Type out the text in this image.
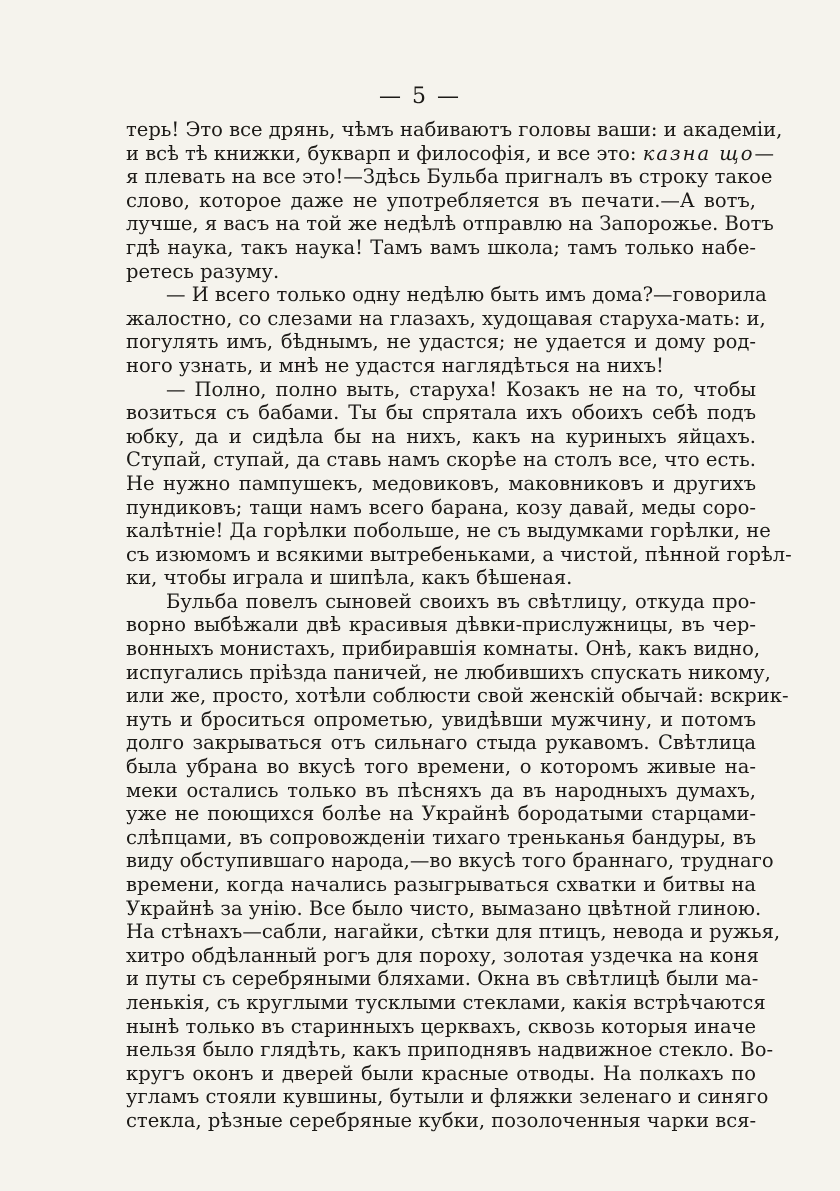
— 5 —
терь! Это все дрянь, чѣмъ набиваютъ головы ваши: и академіи,
и всѣ тѣ книжки, букварп и философія, и все это: казна що—
я плевать на все это!—Здѣсь Бульба пригналъ въ строку такое
слово, которое даже не употребляется въ печати.—А вотъ,
лучше, я васъ на той же недѣлѣ отправлю на Запорожье. Вотъ
гдѣ наука, такъ наука! Тамъ вамъ школа; тамъ только набе-
ретесь разуму.
— И всего только одну недѣлю быть имъ дома?—говорила
жалостно, со слезами на глазахъ, худощавая старуха-мать: и,
погулять имъ, бѣднымъ, не удастся; не удается и дому род-
ного узнать, и мнѣ не удастся наглядѣться на нихъ!
— Полно, полно выть, старуха! Козакъ не на то, чтобы
возиться съ бабами. Ты бы спрятала ихъ обоихъ себѣ подъ
юбку, да и сидѣла бы на нихъ, какъ на куриныхъ яйцахъ.
Ступай, ступай, да ставь намъ скорѣе на столъ все, что есть.
Не нужно пампушекъ, медовиковъ, маковниковъ и другихъ
пундиковъ; тащи намъ всего барана, козу давай, меды соро-
калѣтніе! Да горѣлки побольше, не съ выдумками горѣлки, не
съ изюмомъ и всякими вытребеньками, а чистой, пѣнной горѣл-
ки, чтобы играла и шипѣла, какъ бѣшеная.
Бульба повелъ сыновей своихъ въ свѣтлицу, откуда про-
ворно выбѣжали двѣ красивыя дѣвки-прислужницы, въ чер-
вонныхъ монистахъ, прибиравшія комнаты. Онѣ, какъ видно,
испугались пріѣзда паничей, не любившихъ спускать никому,
или же, просто, хотѣли соблюсти свой женскій обычай: вскрик-
нуть и броситься опрометью, увидѣвши мужчину, и потомъ
долго закрываться отъ сильнаго стыда рукавомъ. Свѣтлица
была убрана во вкусѣ того времени, о которомъ живые на-
меки остались только въ пѣсняхъ да въ народныхъ думахъ,
уже не поющихся болѣе на Украйнѣ бородатыми старцами-
слѣпцами, въ сопровожденіи тихаго треньканья бандуры, въ
виду обступившаго народа,—во вкусѣ того браннаго, труднаго
времени, когда начались разыгрываться схватки и битвы на
Украйнѣ за унію. Все было чисто, вымазано цвѣтной глиною.
На стѣнахъ—сабли, нагайки, сѣтки для птицъ, невода и ружья,
хитро обдѣланный рогъ для пороху, золотая уздечка на коня
и путы съ серебряными бляхами. Окна въ свѣтлицѣ были ма-
ленькія, съ круглыми тусклыми стеклами, какія встрѣчаются
нынѣ только въ старинныхъ церквахъ, сквозь которыя иначе
нельзя было глядѣть, какъ приподнявъ надвижное стекло. Во-
кругъ оконъ и дверей были красные отводы. На полкахъ по
угламъ стояли кувшины, бутыли и фляжки зеленаго и синяго
стекла, рѣзные серебряные кубки, позолоченныя чарки вся-
